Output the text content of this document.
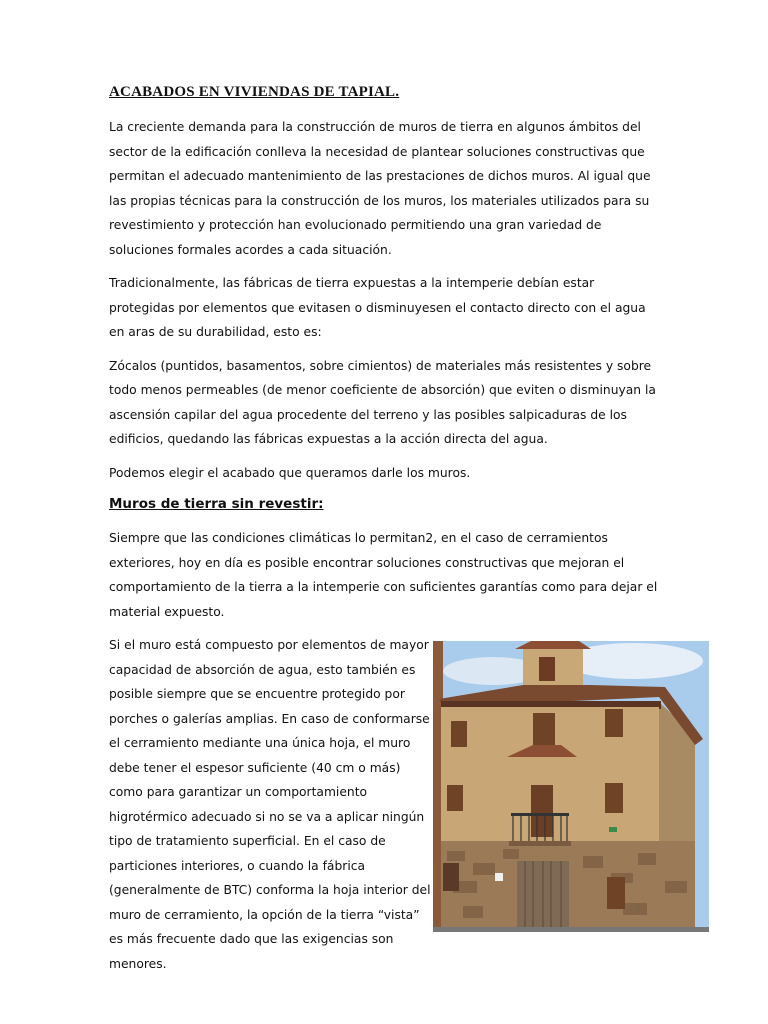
ACABADOS EN VIVIENDAS DE TAPIAL.

La creciente demanda para la construcción de muros de tierra en algunos ámbitos del sector de la edificación conlleva la necesidad de plantear soluciones constructivas que permitan el adecuado mantenimiento de las prestaciones de dichos muros. Al igual que las propias técnicas para la construcción de los muros, los materiales utilizados para su revestimiento y protección han evolucionado permitiendo una gran variedad de soluciones formales acordes a cada situación.

Tradicionalmente, las fábricas de tierra expuestas a la intemperie debían estar protegidas por elementos que evitasen o disminuyesen el contacto directo con el agua en aras de su durabilidad, esto es:

Zócalos (puntidos, basamentos, sobre cimientos) de materiales más resistentes y sobre todo menos permeables (de menor coeficiente de absorción) que eviten o disminuyan la ascensión capilar del agua procedente del terreno y las posibles salpicaduras de los edificios, quedando las fábricas expuestas a la acción directa del agua.

Podemos elegir el acabado que queramos darle los muros.

Muros de tierra sin revestir:

Siempre que las condiciones climáticas lo permitan2, en el caso de cerramientos exteriores, hoy en día es posible encontrar soluciones constructivas que mejoran el comportamiento de la tierra a la intemperie con suficientes garantías como para dejar el material expuesto.

Si el muro está compuesto por elementos de mayor capacidad de absorción de agua, esto también es posible siempre que se encuentre protegido por porches o galerías amplias. En caso de conformarse el cerramiento mediante una única hoja, el muro debe tener el espesor suficiente (40 cm o más) como para garantizar un comportamiento higrotérmico adecuado si no se va a aplicar ningún tipo de tratamiento superficial. En el caso de particiones interiores, o cuando la fábrica (generalmente de BTC) conforma la hoja interior del muro de cerramiento, la opción de la tierra “vista” es más frecuente dado que las exigencias son menores.
